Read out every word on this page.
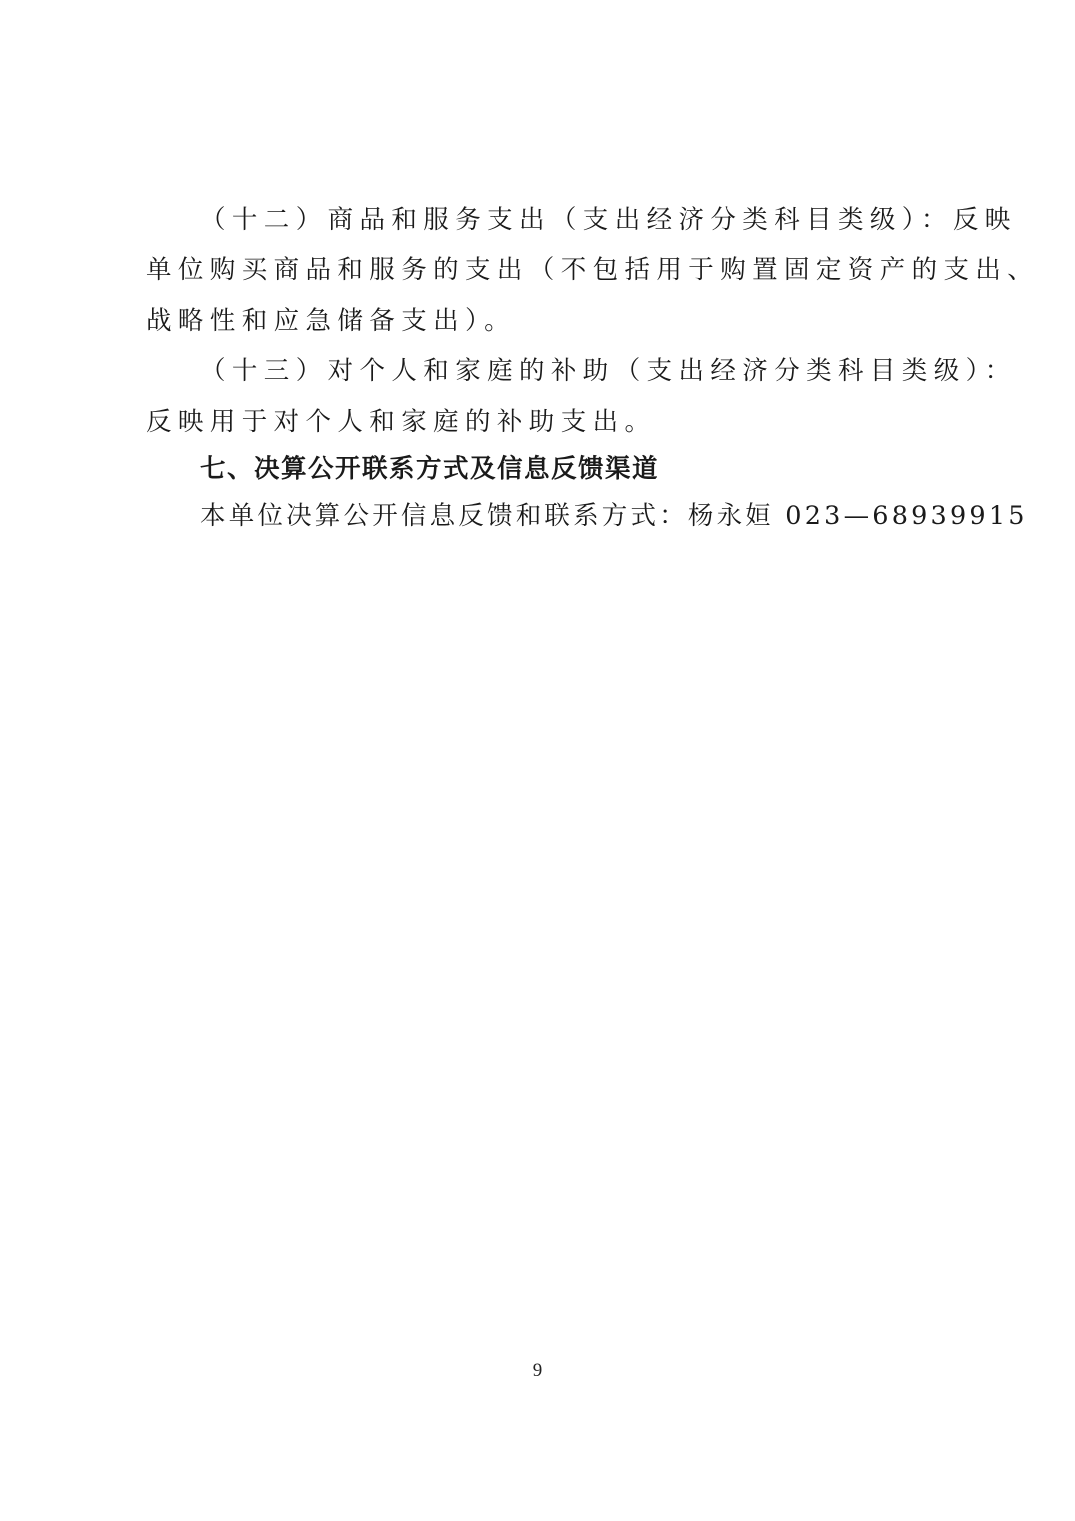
（十二）商品和服务支出（支出经济分类科目类级）：反映
单位购买商品和服务的支出（不包括用于购置固定资产的支出、
战略性和应急储备支出）。
（十三）对个人和家庭的补助（支出经济分类科目类级）：
反映用于对个人和家庭的补助支出。
七、决算公开联系方式及信息反馈渠道
本单位决算公开信息反馈和联系方式：杨永姮 023—68939915
9
